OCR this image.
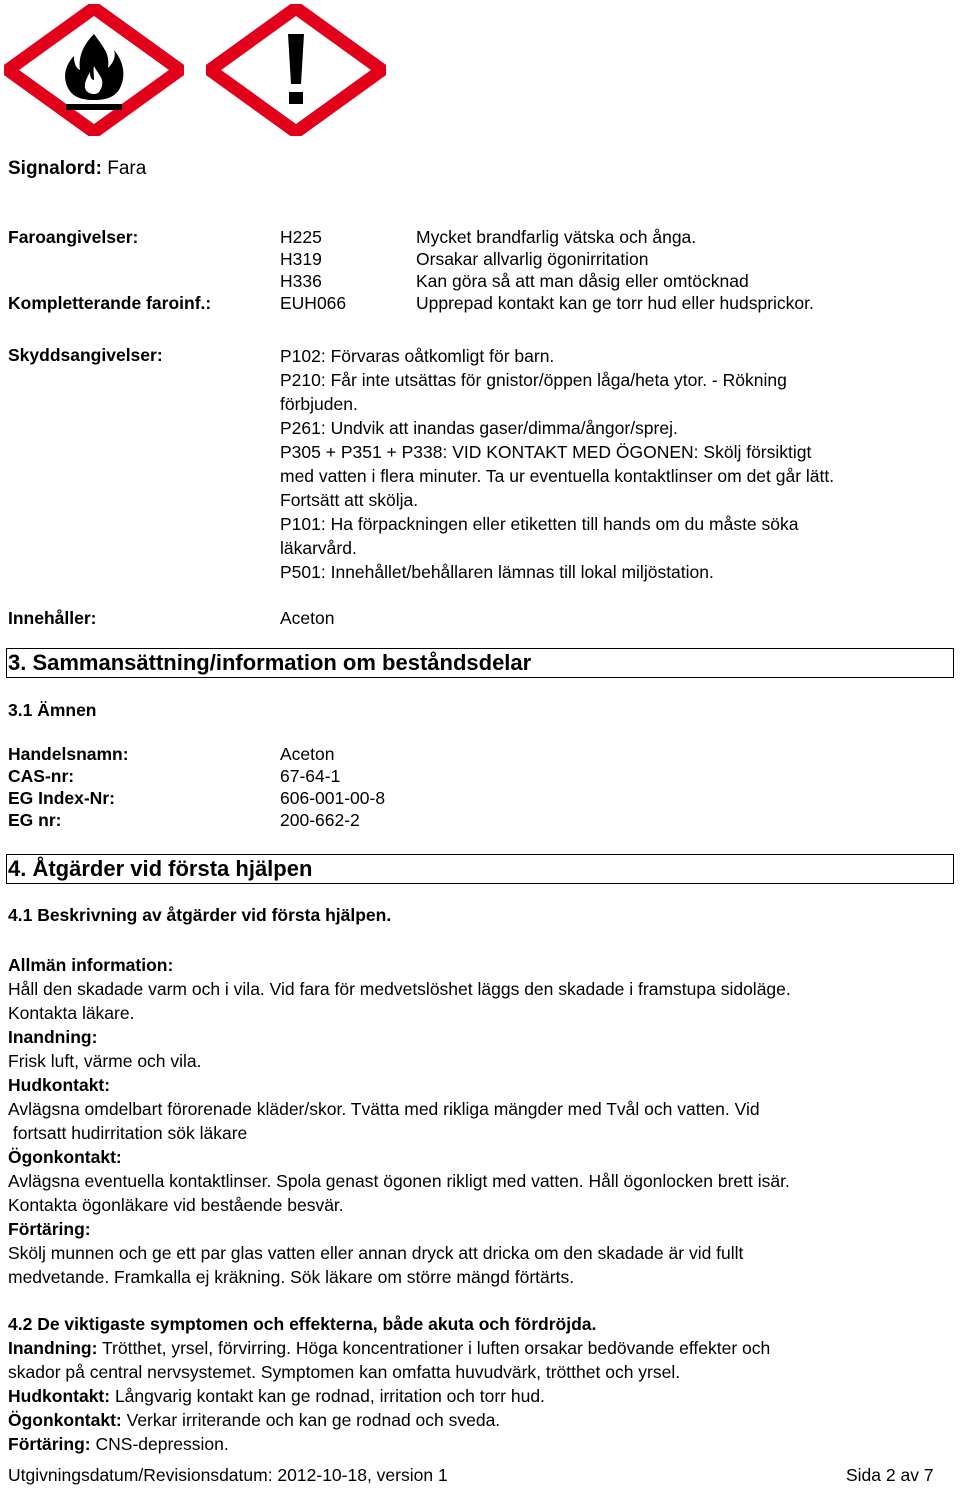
Signalord: Fara
Faroangivelser:	H225	Mycket brandfarlig vätska och ånga.
H319	Orsakar allvarlig ögonirritation
H336	Kan göra så att man dåsig eller omtöcknad
Kompletterande faroinf.:	EUH066	Upprepad kontakt kan ge torr hud eller hudsprickor.
Skyddsangivelser:	P102: Förvaras oåtkomligt för barn.
P210: Får inte utsättas för gnistor/öppen låga/heta ytor. - Rökning
förbjuden.
P261: Undvik att inandas gaser/dimma/ångor/sprej.
P305 + P351 + P338: VID KONTAKT MED ÖGONEN: Skölj försiktigt
med vatten i flera minuter. Ta ur eventuella kontaktlinser om det går lätt.
Fortsätt att skölja.
P101: Ha förpackningen eller etiketten till hands om du måste söka
läkarvård.
P501: Innehållet/behållaren lämnas till lokal miljöstation.
Innehåller:	Aceton
3. Sammansättning/information om beståndsdelar
3.1 Ämnen
Handelsnamn:	Aceton
CAS-nr:	67-64-1
EG Index-Nr:	606-001-00-8
EG nr:	200-662-2
4. Åtgärder vid första hjälpen
4.1 Beskrivning av åtgärder vid första hjälpen.
Allmän information:
Håll den skadade varm och i vila. Vid fara för medvetslöshet läggs den skadade i framstupa sidoläge.
Kontakta läkare.
Inandning:
Frisk luft, värme och vila.
Hudkontakt:
Avlägsna omdelbart förorenade kläder/skor. Tvätta med rikliga mängder med Tvål och vatten. Vid
fortsatt hudirritation sök läkare
Ögonkontakt:
Avlägsna eventuella kontaktlinser. Spola genast ögonen rikligt med vatten. Håll ögonlocken brett isär.
Kontakta ögonläkare vid bestående besvär.
Förtäring:
Skölj munnen och ge ett par glas vatten eller annan dryck att dricka om den skadade är vid fullt
medvetande. Framkalla ej kräkning. Sök läkare om större mängd förtärts.
4.2 De viktigaste symptomen och effekterna, både akuta och fördröjda.
Inandning: Trötthet, yrsel, förvirring. Höga koncentrationer i luften orsakar bedövande effekter och
skador på central nervsystemet. Symptomen kan omfatta huvudvärk, trötthet och yrsel.
Hudkontakt: Långvarig kontakt kan ge rodnad, irritation och torr hud.
Ögonkontakt: Verkar irriterande och kan ge rodnad och sveda.
Förtäring: CNS-depression.
Utgivningsdatum/Revisionsdatum: 2012-10-18, version 1	Sida 2 av 7
